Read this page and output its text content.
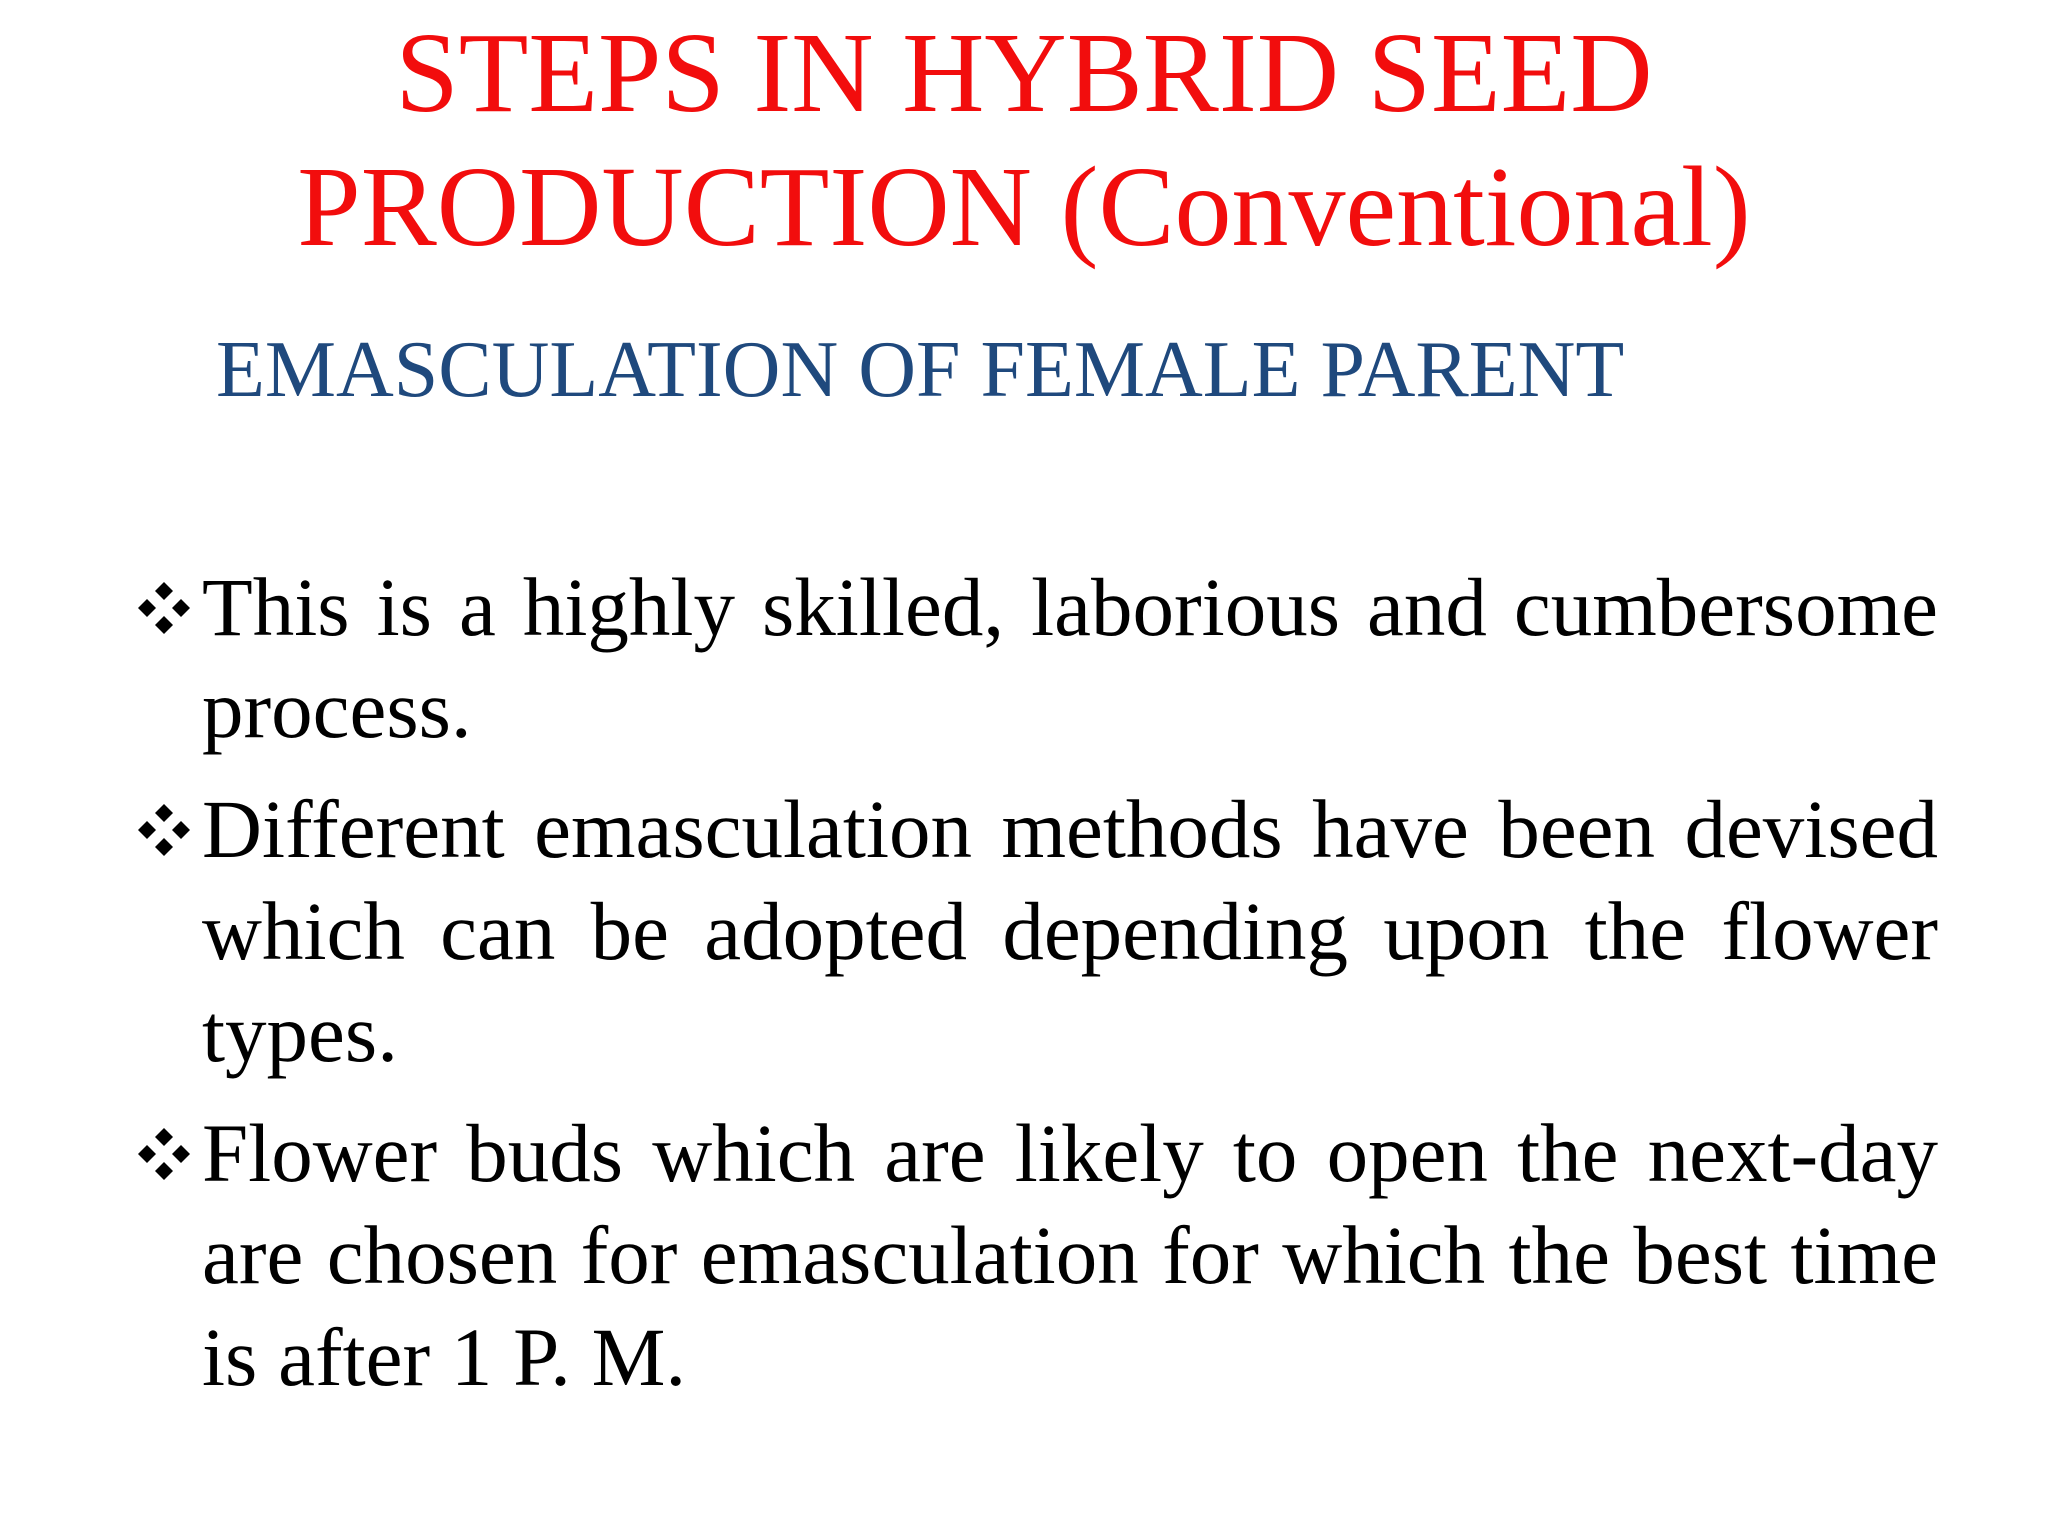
STEPS IN HYBRID SEED
PRODUCTION (Conventional)
EMASCULATION OF FEMALE PARENT
This is a highly skilled, laborious and cumbersome process.
Different emasculation methods have been devised which can be adopted depending upon the flower types.
Flower buds which are likely to open the next-day are chosen for emasculation for which the best time is after 1 P. M.
